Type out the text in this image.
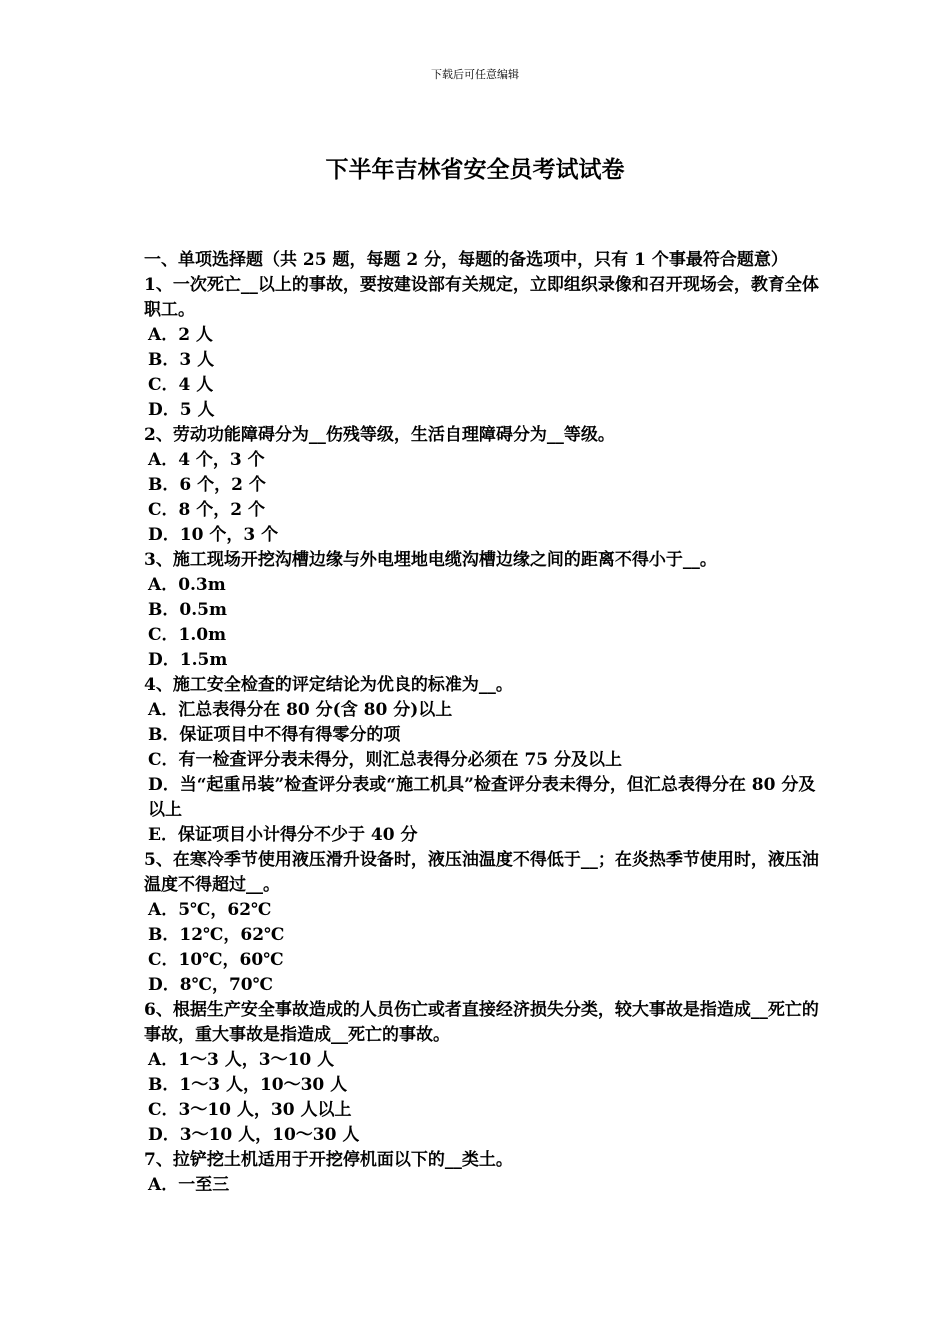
下载后可任意编辑
下半年吉林省安全员考试试卷

一、单项选择题（共 25 题，每题 2 分，每题的备选项中，只有 1 个事最符合题意）

1、一次死亡__以上的事故，要按建设部有关规定，立即组织录像和召开现场会，教育全体职工。

A．2 人

B．3 人

C．4 人

D．5 人

2、劳动功能障碍分为__伤残等级，生活自理障碍分为__等级。

A．4 个，3 个

B．6 个，2 个

C．8 个，2 个

D．10 个，3 个

3、施工现场开挖沟槽边缘与外电埋地电缆沟槽边缘之间的距离不得小于__。

A．0.3m

B．0.5m

C．1.0m

D．1.5m

4、施工安全检查的评定结论为优良的标准为__。

A．汇总表得分在 80 分(含 80 分)以上

B．保证项目中不得有得零分的项

C．有一检查评分表未得分，则汇总表得分必须在 75 分及以上

D．当“起重吊装”检查评分表或“施工机具”检查评分表未得分，但汇总表得分在 80 分及以上

E．保证项目小计得分不少于 40 分

5、在寒冷季节使用液压滑升设备时，液压油温度不得低于__；在炎热季节使用时，液压油温度不得超过__。

A．5℃，62℃

B．12℃，62℃

C．10℃，60℃

D．8℃，70℃

6、根据生产安全事故造成的人员伤亡或者直接经济损失分类，较大事故是指造成__死亡的事故，重大事故是指造成__死亡的事故。

A．1～3 人，3～10 人

B．1～3 人，10～30 人

C．3～10 人，30 人以上

D．3～10 人，10～30 人

7、拉铲挖土机适用于开挖停机面以下的__类土。

A．一至三
